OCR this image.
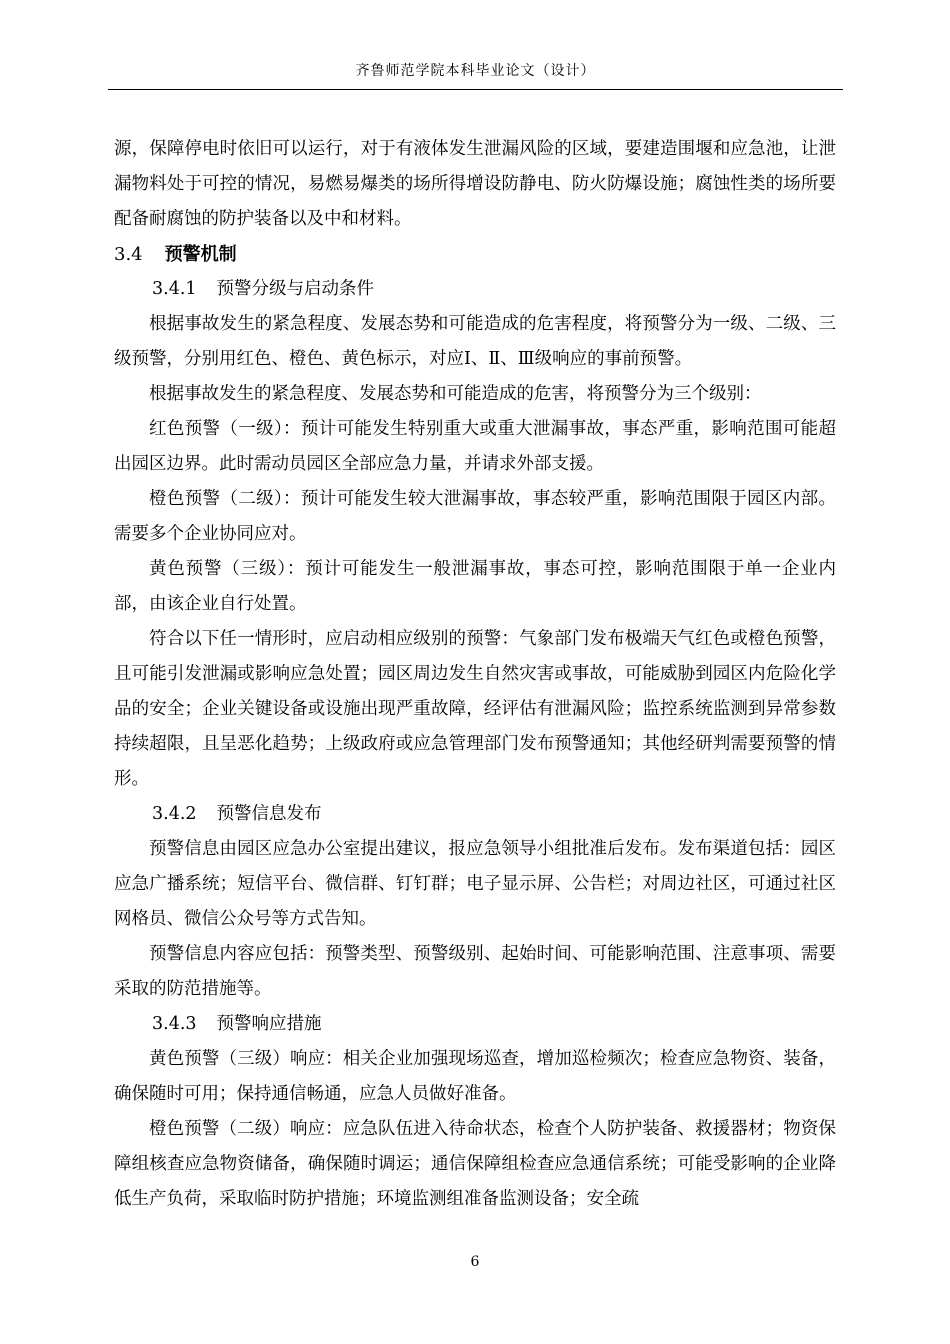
齐鲁师范学院本科毕业论文（设计）

源，保障停电时依旧可以运行，对于有液体发生泄漏风险的区域，要建造围堰和应急池，让泄漏物料处于可控的情况，易燃易爆类的场所得增设防静电、防火防爆设施；腐蚀性类的场所要配备耐腐蚀的防护装备以及中和材料。

3.4 预警机制
3.4.1 预警分级与启动条件

根据事故发生的紧急程度、发展态势和可能造成的危害程度，将预警分为一级、二级、三级预警，分别用红色、橙色、黄色标示，对应Ⅰ、Ⅱ、Ⅲ级响应的事前预警。

根据事故发生的紧急程度、发展态势和可能造成的危害，将预警分为三个级别：

红色预警（一级）：预计可能发生特别重大或重大泄漏事故，事态严重，影响范围可能超出园区边界。此时需动员园区全部应急力量，并请求外部支援。

橙色预警（二级）：预计可能发生较大泄漏事故，事态较严重，影响范围限于园区内部。需要多个企业协同应对。

黄色预警（三级）：预计可能发生一般泄漏事故，事态可控，影响范围限于单一企业内部，由该企业自行处置。

符合以下任一情形时，应启动相应级别的预警：气象部门发布极端天气红色或橙色预警，且可能引发泄漏或影响应急处置；园区周边发生自然灾害或事故，可能威胁到园区内危险化学品的安全；企业关键设备或设施出现严重故障，经评估有泄漏风险；监控系统监测到异常参数持续超限，且呈恶化趋势；上级政府或应急管理部门发布预警通知；其他经研判需要预警的情形。

3.4.2 预警信息发布

预警信息由园区应急办公室提出建议，报应急领导小组批准后发布。发布渠道包括：园区应急广播系统；短信平台、微信群、钉钉群；电子显示屏、公告栏；对周边社区，可通过社区网格员、微信公众号等方式告知。

预警信息内容应包括：预警类型、预警级别、起始时间、可能影响范围、注意事项、需要采取的防范措施等。

3.4.3 预警响应措施

黄色预警（三级）响应：相关企业加强现场巡查，增加巡检频次；检查应急物资、装备，确保随时可用；保持通信畅通，应急人员做好准备。

橙色预警（二级）响应：应急队伍进入待命状态，检查个人防护装备、救援器材；物资保障组核查应急物资储备，确保随时调运；通信保障组检查应急通信系统；可能受影响的企业降低生产负荷，采取临时防护措施；环境监测组准备监测设备；安全疏

6
